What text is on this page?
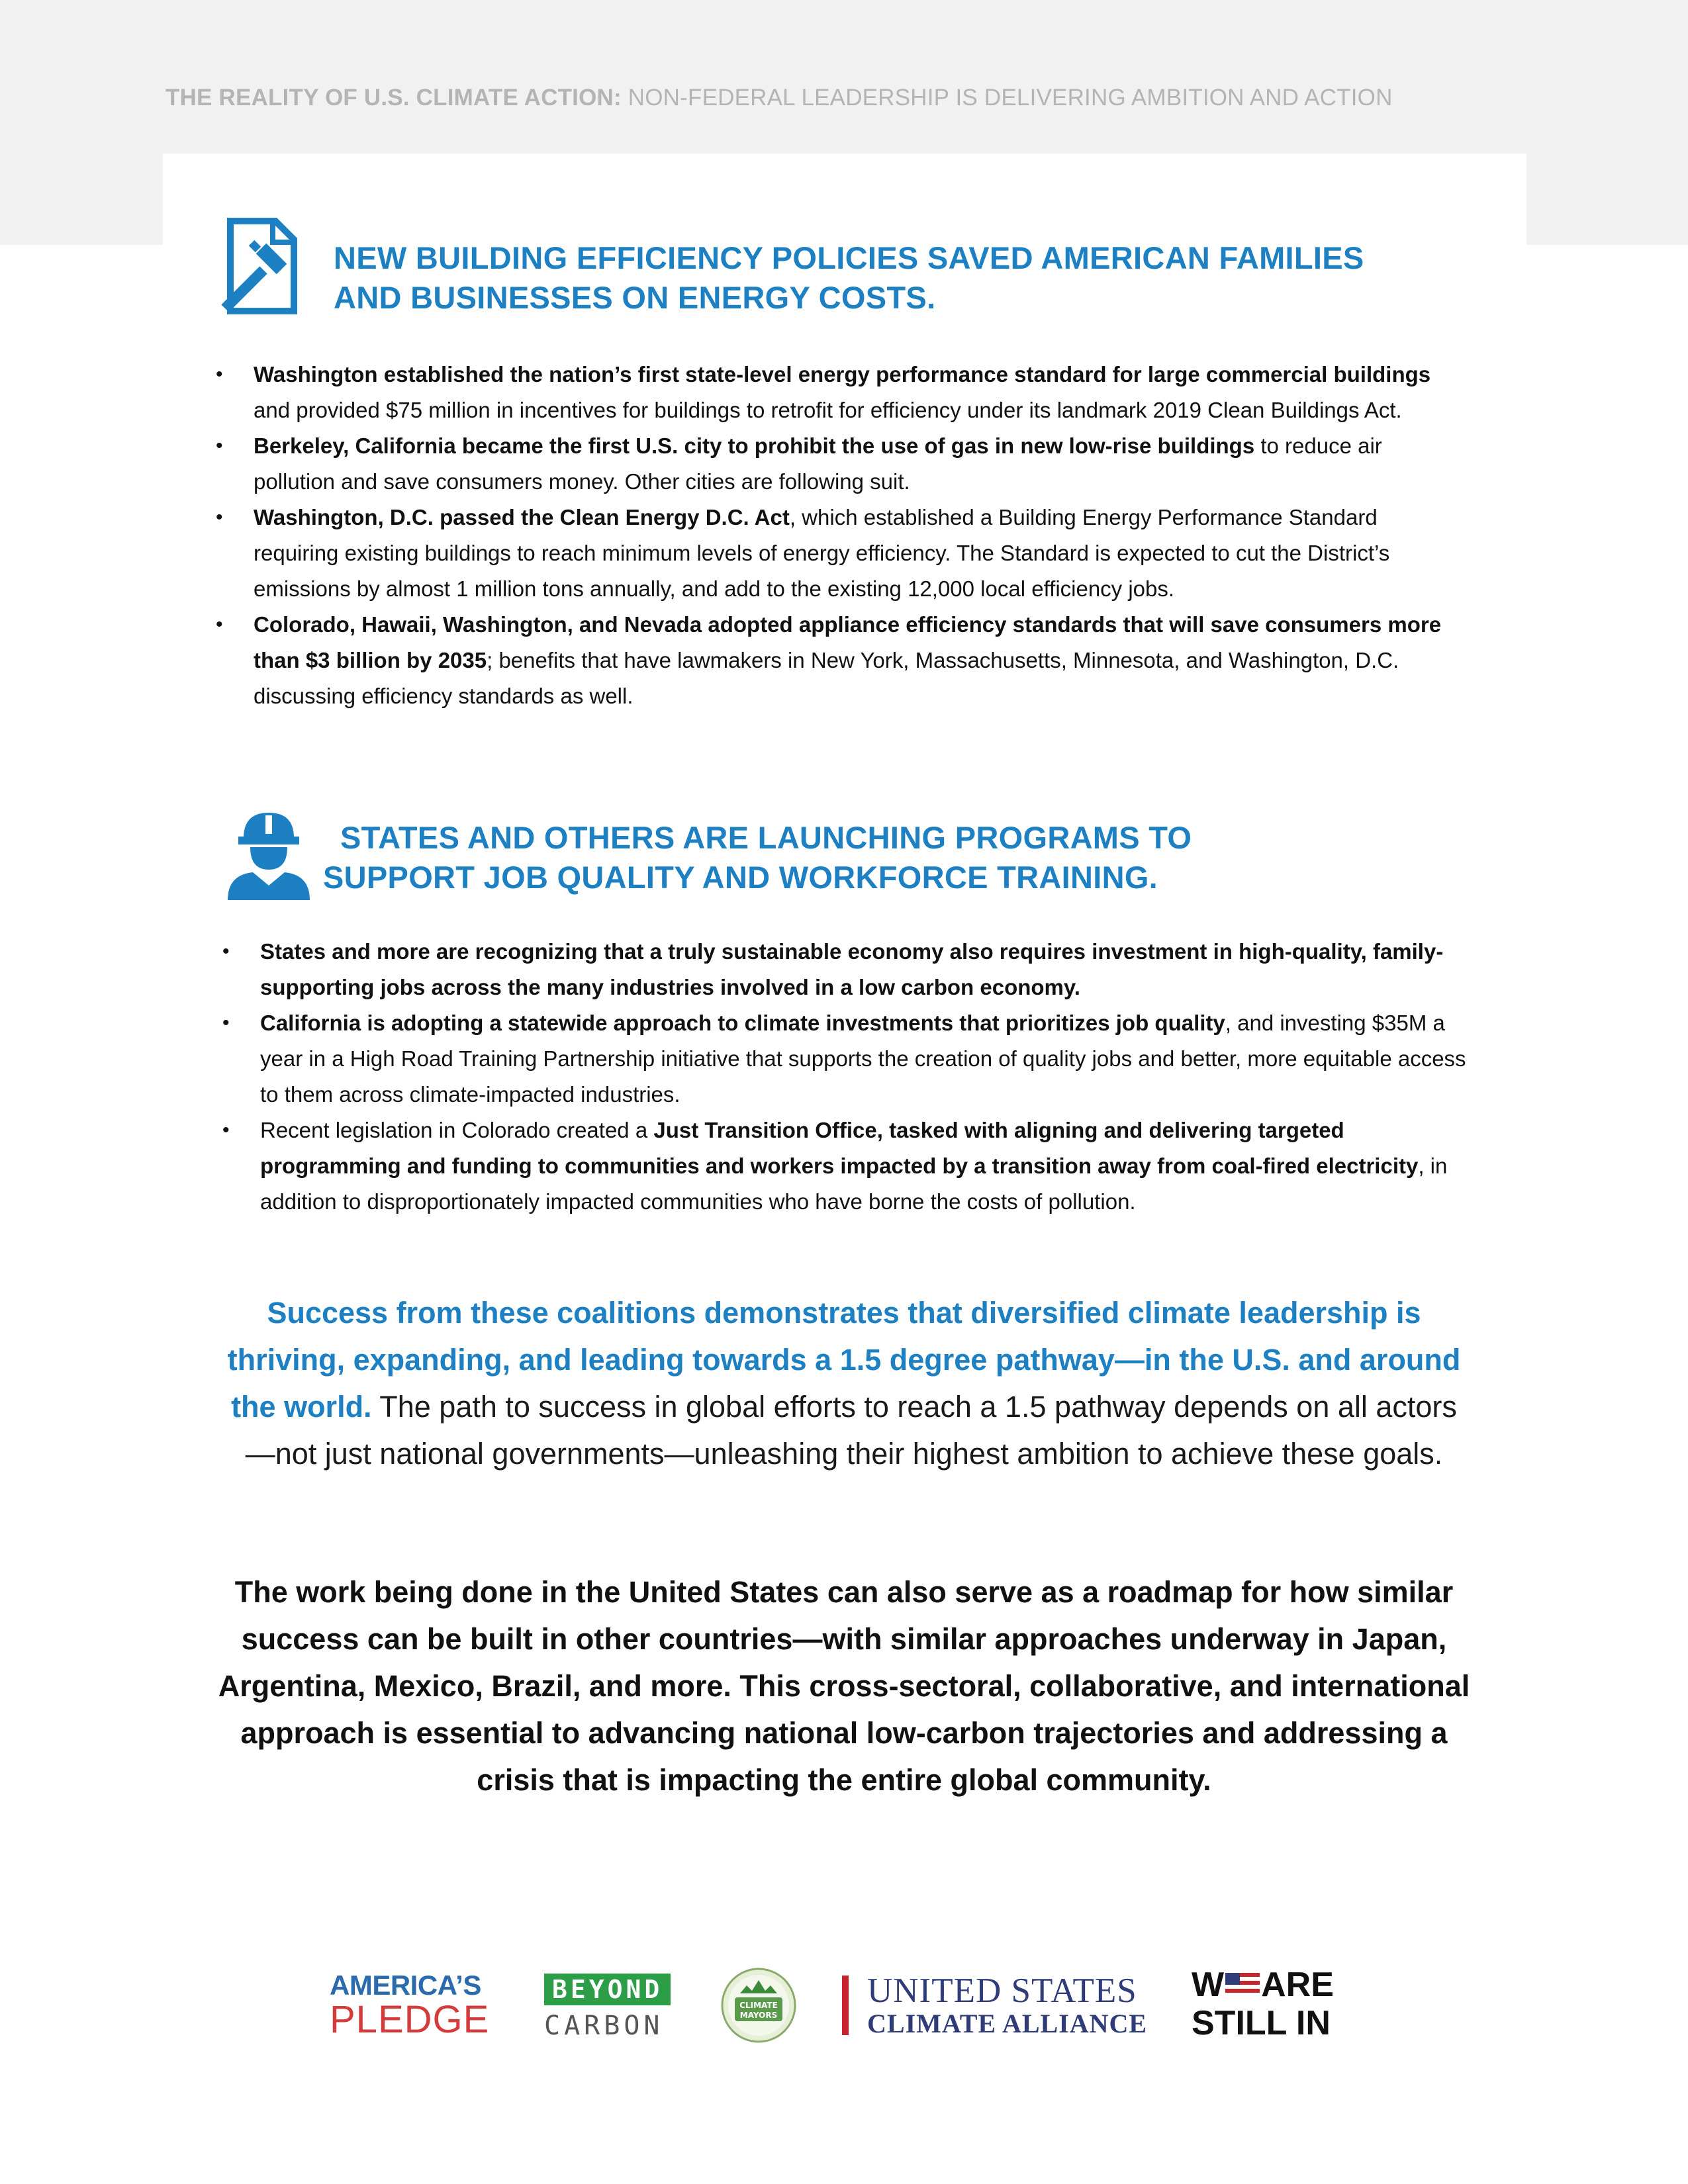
THE REALITY OF U.S. CLIMATE ACTION: NON-FEDERAL LEADERSHIP IS DELIVERING AMBITION AND ACTION
NEW BUILDING EFFICIENCY POLICIES SAVED AMERICAN FAMILIES
AND BUSINESSES ON ENERGY COSTS.
• Washington established the nation’s first state-level energy performance standard for large commercial buildings and provided $75 million in incentives for buildings to retrofit for efficiency under its landmark 2019 Clean Buildings Act.
• Berkeley, California became the first U.S. city to prohibit the use of gas in new low-rise buildings to reduce air pollution and save consumers money. Other cities are following suit.
• Washington, D.C. passed the Clean Energy D.C. Act, which established a Building Energy Performance Standard requiring existing buildings to reach minimum levels of energy efficiency. The Standard is expected to cut the District’s emissions by almost 1 million tons annually, and add to the existing 12,000 local efficiency jobs.
• Colorado, Hawaii, Washington, and Nevada adopted appliance efficiency standards that will save consumers more than $3 billion by 2035; benefits that have lawmakers in New York, Massachusetts, Minnesota, and Washington, D.C. discussing efficiency standards as well.
STATES AND OTHERS ARE LAUNCHING PROGRAMS TO
SUPPORT JOB QUALITY AND WORKFORCE TRAINING.
• States and more are recognizing that a truly sustainable economy also requires investment in high-quality, family-supporting jobs across the many industries involved in a low carbon economy.
• California is adopting a statewide approach to climate investments that prioritizes job quality, and investing $35M a year in a High Road Training Partnership initiative that supports the creation of quality jobs and better, more equitable access to them across climate-impacted industries.
• Recent legislation in Colorado created a Just Transition Office, tasked with aligning and delivering targeted programming and funding to communities and workers impacted by a transition away from coal-fired electricity, in addition to disproportionately impacted communities who have borne the costs of pollution.
Success from these coalitions demonstrates that diversified climate leadership is thriving, expanding, and leading towards a 1.5 degree pathway—in the U.S. and around the world. The path to success in global efforts to reach a 1.5 pathway depends on all actors—not just national governments—unleashing their highest ambition to achieve these goals.
The work being done in the United States can also serve as a roadmap for how similar success can be built in other countries—with similar approaches underway in Japan, Argentina, Mexico, Brazil, and more. This cross-sectoral, collaborative, and international approach is essential to advancing national low-carbon trajectories and addressing a crisis that is impacting the entire global community.
AMERICA’S
PLEDGE
BEYOND
CARBON
CLIMATE
MAYORS
UNITED STATES
CLIMATE ALLIANCE
W ARE
STILL IN
